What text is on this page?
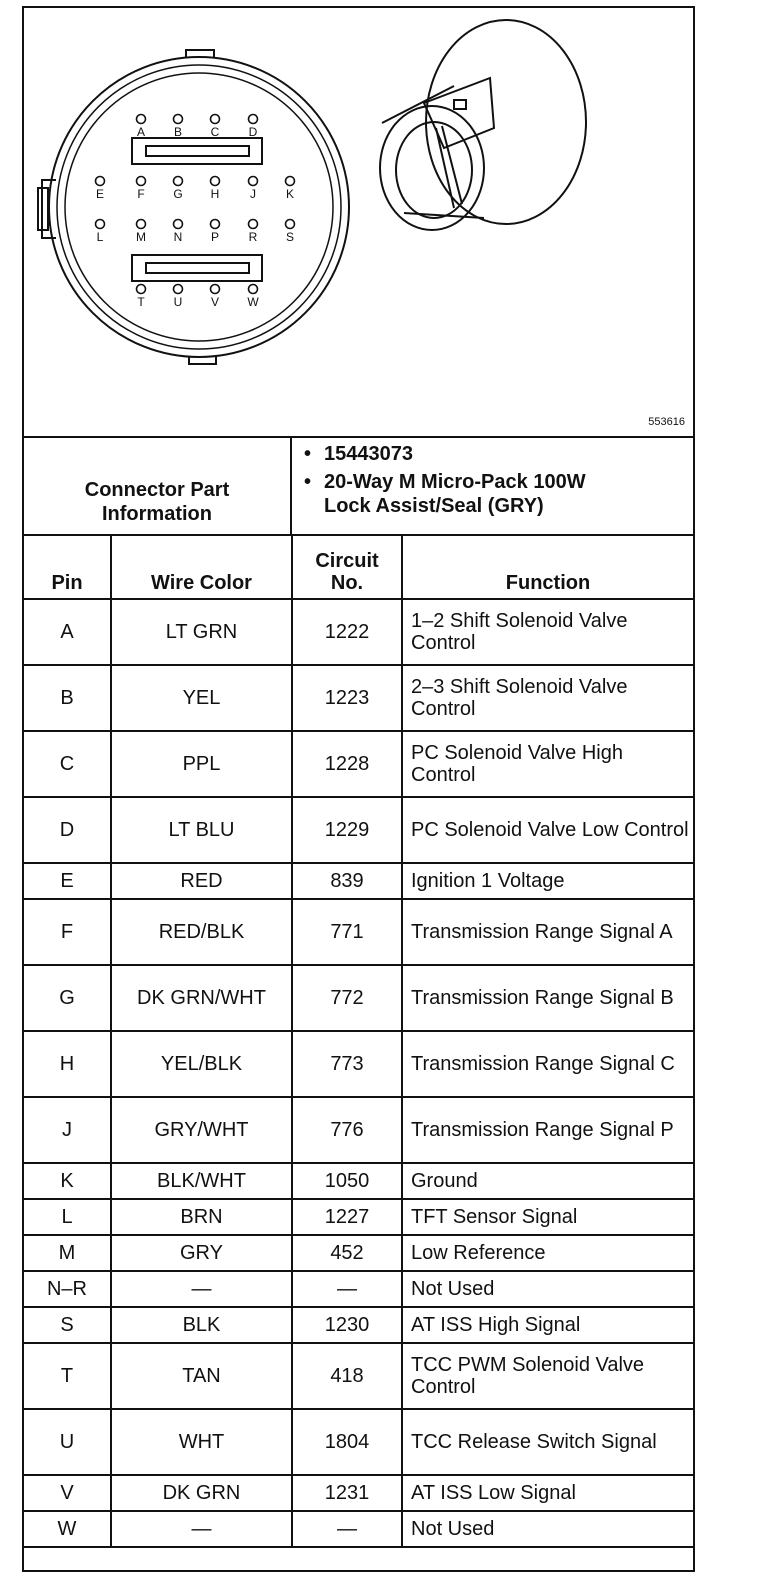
A B C D
E	F G H	J K
L	M N P R S
T U V W
553616
Connector Part
Information
• 15443073
• 20-Way M Micro-Pack 100W
Lock Assist/Seal (GRY)
Pin	Wire Color	Circuit
No.	Function
A	LT GRN	1222	1–2 Shift Solenoid Valve Control
B	YEL	1223	2–3 Shift Solenoid Valve Control
C	PPL	1228	PC Solenoid Valve High Control
D	LT BLU	1229	PC Solenoid Valve Low Control
E	RED	839	Ignition 1 Voltage
F	RED/BLK	771	Transmission Range Signal A
G	DK GRN/WHT	772	Transmission Range Signal B
H	YEL/BLK	773	Transmission Range Signal C
J	GRY/WHT	776	Transmission Range Signal P
K	BLK/WHT	1050	Ground
L	BRN	1227	TFT Sensor Signal
M	GRY	452	Low Reference
N–R	—	—	Not Used
S	BLK	1230	AT ISS High Signal
T	TAN	418	TCC PWM Solenoid Valve Control
U	WHT	1804	TCC Release Switch Signal
V	DK GRN	1231	AT ISS Low Signal
W	—	—	Not Used
